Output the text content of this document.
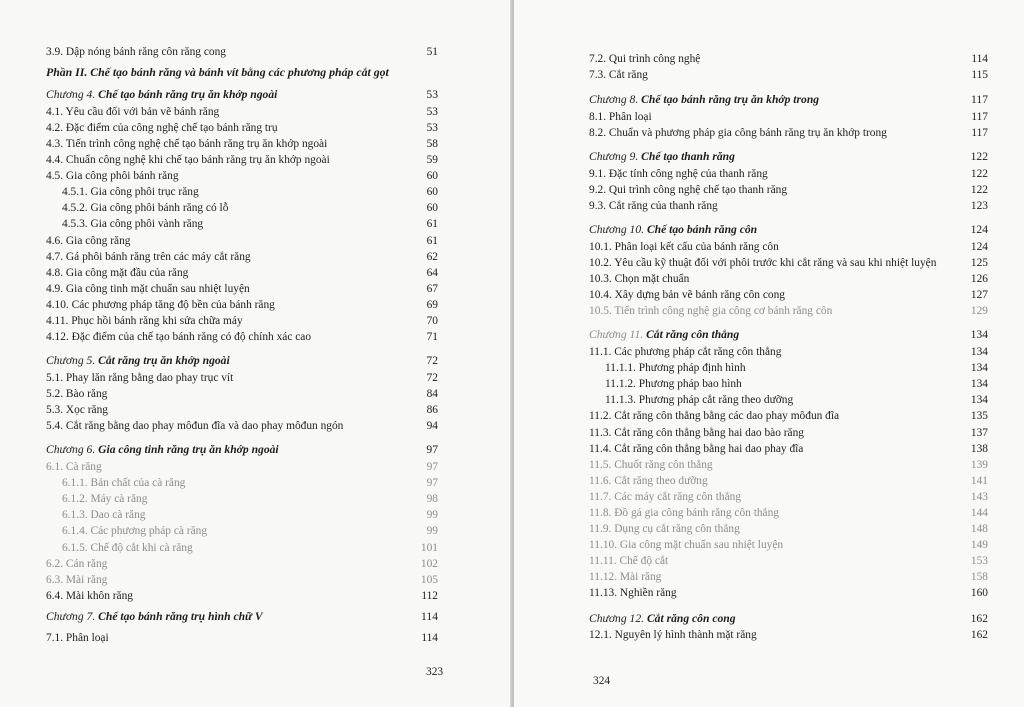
3.9. Dập nóng bánh răng côn răng cong	51
Phần II. Chế tạo bánh răng và bánh vít bằng các phương pháp cắt gọt
Chương 4. Chế tạo bánh răng trụ ăn khớp ngoài	53
4.1. Yêu cầu đối với bản vẽ bánh răng	53
4.2. Đặc điểm của công nghệ chế tạo bánh răng trụ	53
4.3. Tiến trình công nghệ chế tạo bánh răng trụ ăn khớp ngoài	58
4.4. Chuẩn công nghệ khi chế tạo bánh răng trụ ăn khớp ngoài	59
4.5. Gia công phôi bánh răng	60
4.5.1. Gia công phôi trục răng	60
4.5.2. Gia công phôi bánh răng có lỗ	60
4.5.3. Gia công phôi vành răng	61
4.6. Gia công răng	61
4.7. Gá phôi bánh răng trên các máy cắt răng	62
4.8. Gia công mặt đầu của răng	64
4.9. Gia công tinh mặt chuẩn sau nhiệt luyện	67
4.10. Các phương pháp tăng độ bền của bánh răng	69
4.11. Phục hồi bánh răng khi sửa chữa máy	70
4.12. Đặc điểm của chế tạo bánh răng có độ chính xác cao	71
Chương 5. Cắt răng trụ ăn khớp ngoài	72
5.1. Phay lăn răng bằng dao phay trục vít	72
5.2. Bào răng	84
5.3. Xọc răng	86
5.4. Cắt răng bằng dao phay môđun đĩa và dao phay môđun ngón	94
Chương 6. Gia công tinh răng trụ ăn khớp ngoài	97
6.1. Cà răng	97
6.1.1. Bản chất của cà răng	97
6.1.2. Máy cà răng	98
6.1.3. Dao cà răng	99
6.1.4. Các phương pháp cà răng	99
6.1.5. Chế độ cắt khi cà răng	101
6.2. Cán răng	102
6.3. Mài răng	105
6.4. Mài khôn răng	112
Chương 7. Chế tạo bánh răng trụ hình chữ V	114
7.1. Phân loại	114
323
7.2. Qui trình công nghệ	114
7.3. Cắt răng	115
Chương 8. Chế tạo bánh răng trụ ăn khớp trong	117
8.1. Phân loại	117
8.2. Chuẩn và phương pháp gia công bánh răng trụ ăn khớp trong	117
Chương 9. Chế tạo thanh răng	122
9.1. Đặc tính công nghệ của thanh răng	122
9.2. Qui trình công nghệ chế tạo thanh răng	122
9.3. Cắt răng của thanh răng	123
Chương 10. Chế tạo bánh răng côn	124
10.1. Phân loại kết cấu của bánh răng côn	124
10.2. Yêu cầu kỹ thuật đối với phôi trước khi cắt răng và sau khi nhiệt luyện	125
10.3. Chọn mặt chuẩn	126
10.4. Xây dựng bản vẽ bánh răng côn cong	127
10.5. Tiến trình công nghệ gia công cơ bánh răng côn	129
Chương 11. Cắt răng côn thẳng	134
11.1. Các phương pháp cắt răng côn thẳng	134
11.1.1. Phương pháp định hình	134
11.1.2. Phương pháp bao hình	134
11.1.3. Phương pháp cắt răng theo dưỡng	134
11.2. Cắt răng côn thẳng bằng các dao phay môđun đĩa	135
11.3. Cắt răng côn thẳng bằng hai dao bào răng	137
11.4. Cắt răng côn thẳng bằng hai dao phay đĩa	138
11.5. Chuốt răng côn thẳng	139
11.6. Cắt răng theo dưỡng	141
11.7. Các máy cắt răng côn thẳng	143
11.8. Đồ gá gia công bánh răng côn thẳng	144
11.9. Dụng cụ cắt răng côn thẳng	148
11.10. Gia công mặt chuẩn sau nhiệt luyện	149
11.11. Chế độ cắt	153
11.12. Mài răng	158
11.13. Nghiền răng	160
Chương 12. Cắt răng côn cong	162
12.1. Nguyên lý hình thành mặt răng	162
324
